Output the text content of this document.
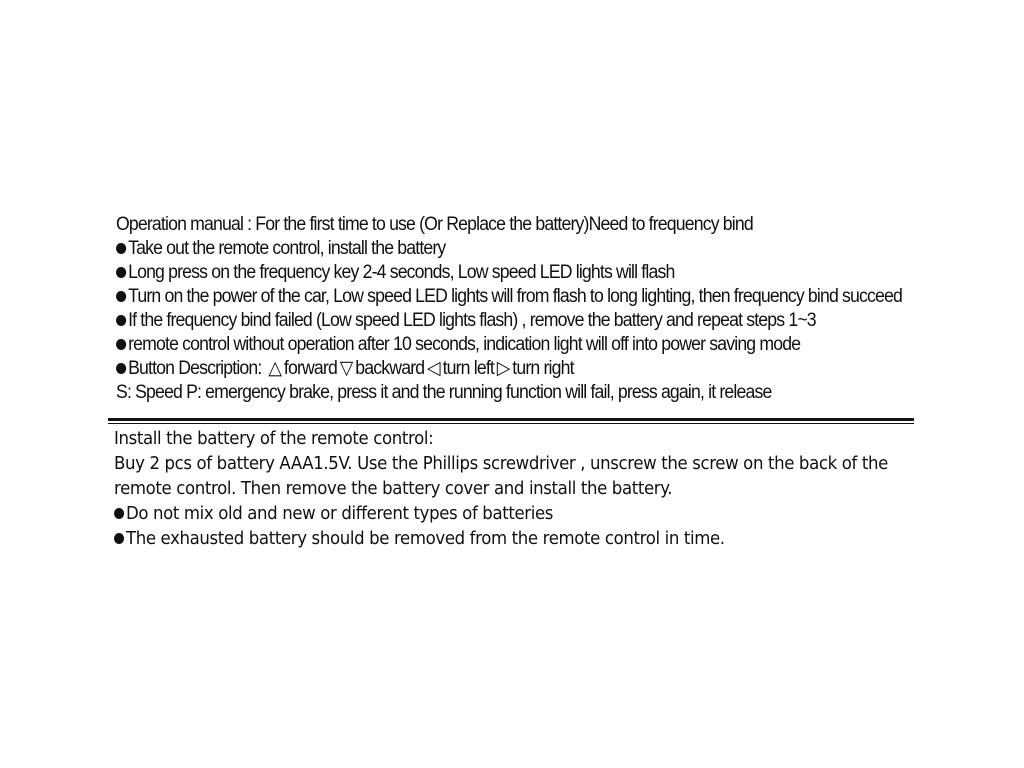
Operation manual : For the first time to use (Or Replace the battery)Need to frequency bind
Take out the remote control, install the battery
Long press on the frequency key 2-4 seconds, Low speed LED lights will flash
Turn on the power of the car, Low speed LED lights will from flash to long lighting, then frequency bind succeed
If the frequency bind failed (Low speed LED lights flash) , remove the battery and repeat steps 1~3
remote control without operation after 10 seconds, indication light will off into power saving mode
Button Description: △ forward ▽ backward ◁ turn left ▷ turn right
S: Speed P: emergency brake, press it and the running function will fail, press again, it release
Install the battery of the remote control:
Buy 2 pcs of battery AAA1.5V. Use the Phillips screwdriver , unscrew the screw on the back of the
remote control. Then remove the battery cover and install the battery.
Do not mix old and new or different types of batteries
The exhausted battery should be removed from the remote control in time.
